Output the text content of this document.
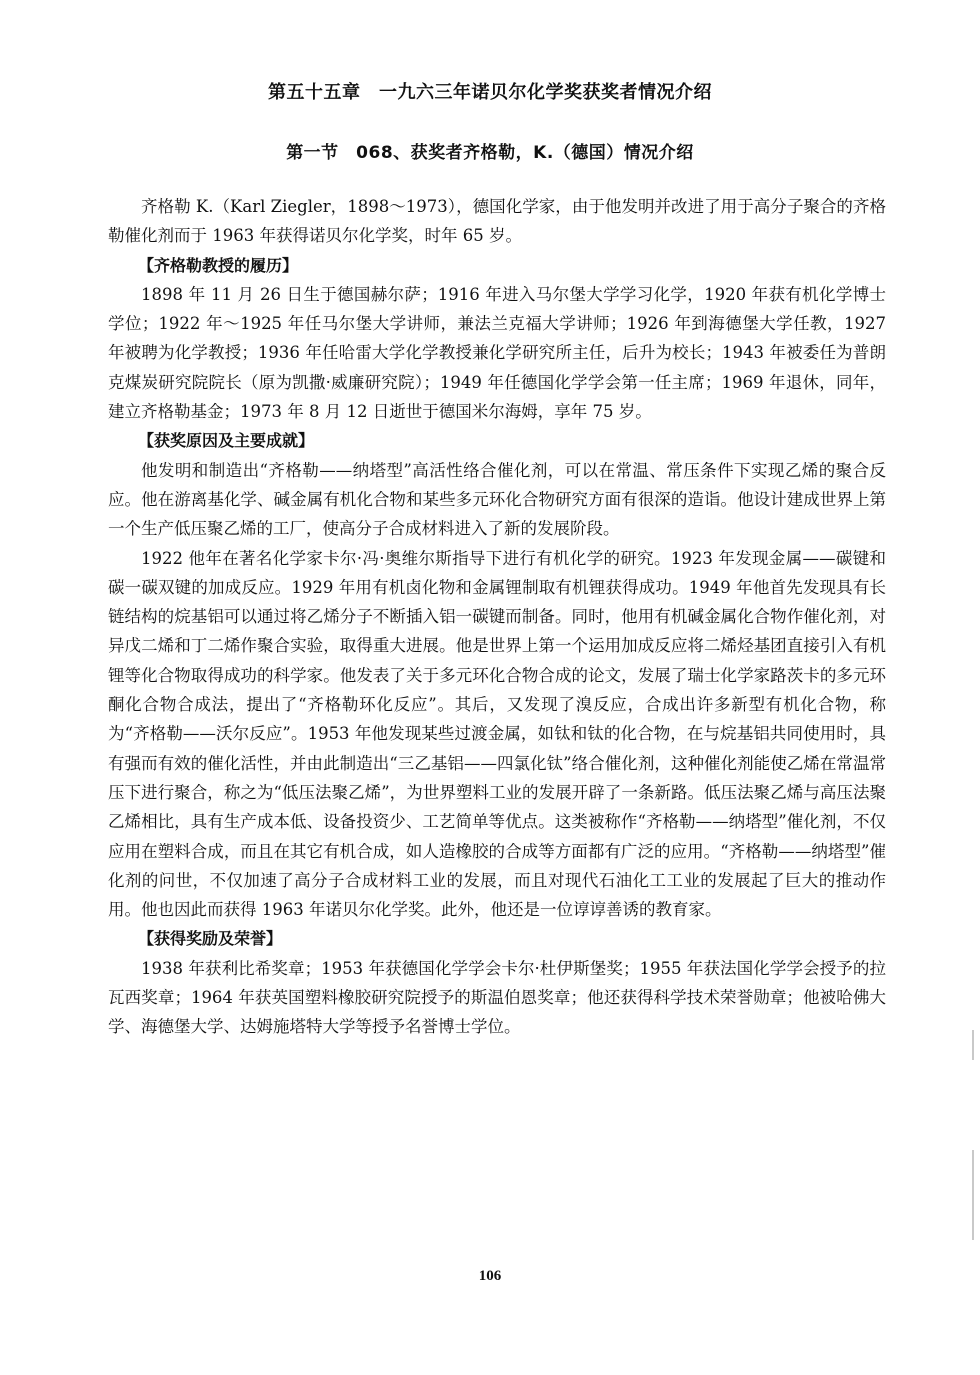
第五十五章　一九六三年诺贝尔化学奖获奖者情况介绍
第一节　068、获奖者齐格勒，K.（德国）情况介绍

齐格勒 K.（Karl Ziegler，1898～1973），德国化学家，由于他发明并改进了用于高分子聚合的齐格勒催化剂而于 1963 年获得诺贝尔化学奖，时年 65 岁。

【齐格勒教授的履历】

1898 年 11 月 26 日生于德国赫尔萨；1916 年进入马尔堡大学学习化学，1920 年获有机化学博士学位；1922 年～1925 年任马尔堡大学讲师，兼法兰克福大学讲师；1926 年到海德堡大学任教，1927 年被聘为化学教授；1936 年任哈雷大学化学教授兼化学研究所主任，后升为校长；1943 年被委任为普朗克煤炭研究院院长（原为凯撒·威廉研究院）；1949 年任德国化学学会第一任主席；1969 年退休，同年，建立齐格勒基金；1973 年 8 月 12 日逝世于德国米尔海姆，享年 75 岁。

【获奖原因及主要成就】

他发明和制造出“齐格勒——纳塔型”高活性络合催化剂，可以在常温、常压条件下实现乙烯的聚合反应。他在游离基化学、碱金属有机化合物和某些多元环化合物研究方面有很深的造诣。他设计建成世界上第一个生产低压聚乙烯的工厂，使高分子合成材料进入了新的发展阶段。

1922 他年在著名化学家卡尔·冯·奥维尔斯指导下进行有机化学的研究。1923 年发现金属——碳键和碳一碳双键的加成反应。1929 年用有机卤化物和金属锂制取有机锂获得成功。1949 年他首先发现具有长链结构的烷基铝可以通过将乙烯分子不断插入铝一碳键而制备。同时，他用有机碱金属化合物作催化剂，对异戊二烯和丁二烯作聚合实验，取得重大进展。他是世界上第一个运用加成反应将二烯烃基团直接引入有机锂等化合物取得成功的科学家。他发表了关于多元环化合物合成的论文，发展了瑞士化学家路茨卡的多元环酮化合物合成法，提出了“齐格勒环化反应”。其后，又发现了溴反应，合成出许多新型有机化合物，称为“齐格勒——沃尔反应”。1953 年他发现某些过渡金属，如钛和钛的化合物，在与烷基铝共同使用时，具有强而有效的催化活性，并由此制造出“三乙基铝——四氯化钛”络合催化剂，这种催化剂能使乙烯在常温常压下进行聚合，称之为“低压法聚乙烯”，为世界塑料工业的发展开辟了一条新路。低压法聚乙烯与高压法聚乙烯相比，具有生产成本低、设备投资少、工艺简单等优点。这类被称作“齐格勒——纳塔型”催化剂，不仅应用在塑料合成，而且在其它有机合成，如人造橡胶的合成等方面都有广泛的应用。“齐格勒——纳塔型”催化剂的问世，不仅加速了高分子合成材料工业的发展，而且对现代石油化工工业的发展起了巨大的推动作用。他也因此而获得 1963 年诺贝尔化学奖。此外，他还是一位谆谆善诱的教育家。

【获得奖励及荣誉】

1938 年获利比希奖章；1953 年获德国化学学会卡尔·杜伊斯堡奖；1955 年获法国化学学会授予的拉瓦西奖章；1964 年获英国塑料橡胶研究院授予的斯温伯恩奖章；他还获得科学技术荣誉勋章；他被哈佛大学、海德堡大学、达姆施塔特大学等授予名誉博士学位。

106
